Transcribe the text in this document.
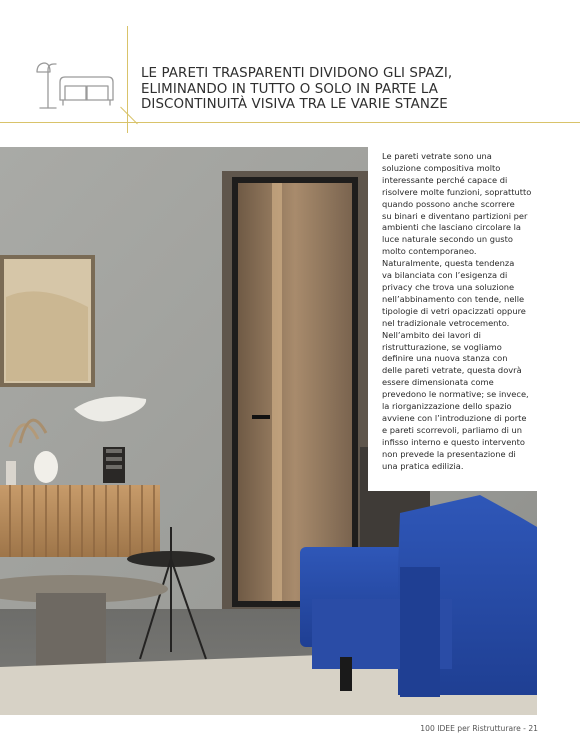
LE PARETI TRASPARENTI DIVIDONO GLI SPAZI,
ELIMINANDO IN TUTTO O SOLO IN PARTE LA
DISCONTINUITÀ VISIVA TRA LE VARIE STANZE

Le pareti vetrate sono una
soluzione compositiva molto
interessante perché capace di
risolvere molte funzioni, soprattutto
quando possono anche scorrere
su binari e diventano partizioni per
ambienti che lasciano circolare la
luce naturale secondo un gusto
molto contemporaneo.
Naturalmente, questa tendenza
va bilanciata con l’esigenza di
privacy che trova una soluzione
nell’abbinamento con tende, nelle
tipologie di vetri opacizzati oppure
nel tradizionale vetrocemento.
Nell’ambito dei lavori di
ristrutturazione, se vogliamo
definire una nuova stanza con
delle pareti vetrate, questa dovrà
essere dimensionata come
prevedono le normative; se invece,
la riorganizzazione dello spazio
avviene con l’introduzione di porte
e pareti scorrevoli, parliamo di un
infisso interno e questo intervento
non prevede la presentazione di
una pratica edilizia.

100 IDEE per Ristrutturare - 21
